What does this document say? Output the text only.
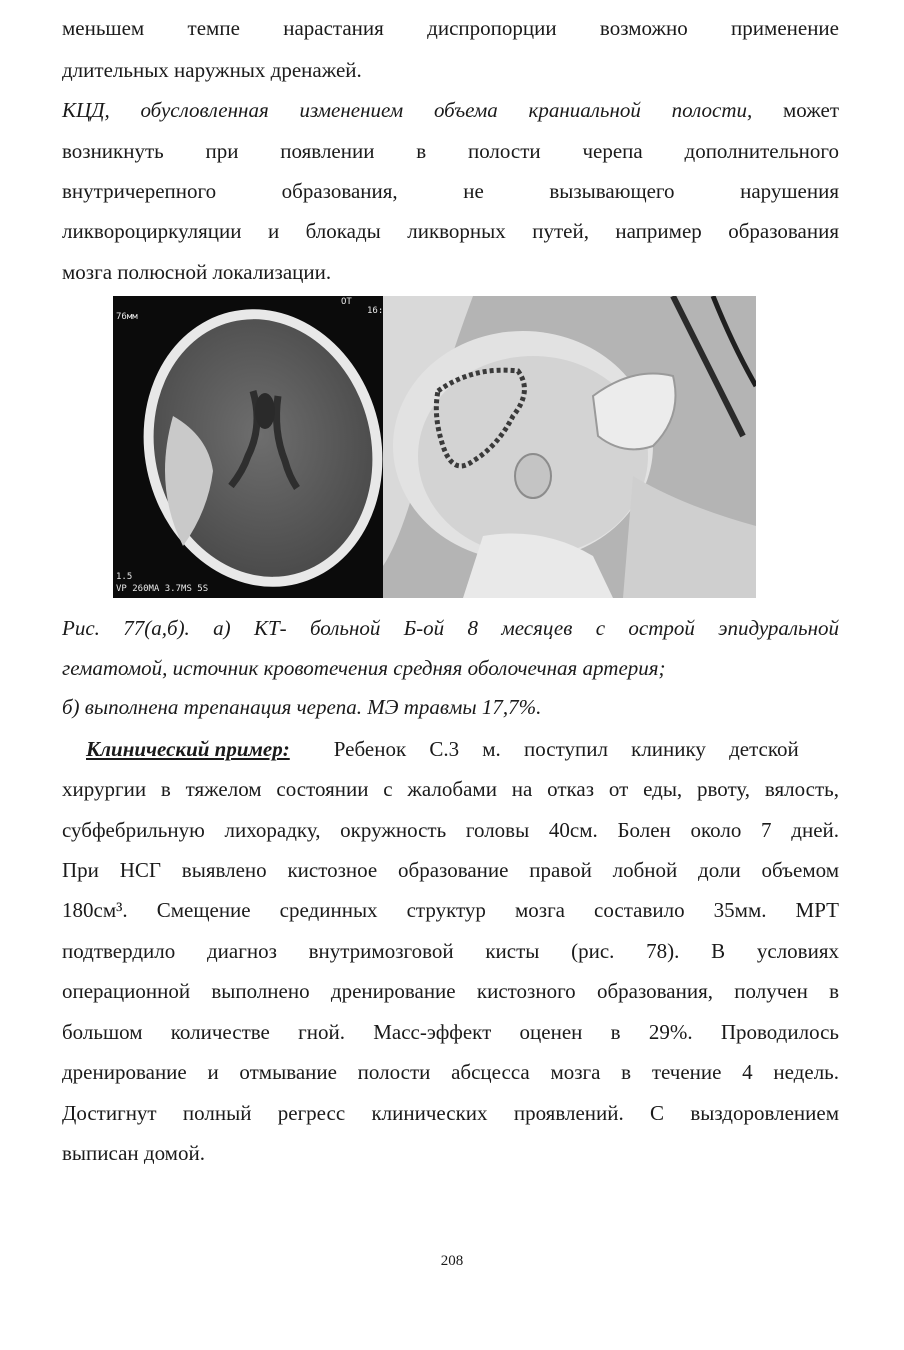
меньшем темпе нарастания диспропорции возможно применение
длительных наружных дренажей.
КЦД, обусловленная изменением объема краниальной полости, может
возникнуть при появлении в полости черепа дополнительного
внутричерепного образования, не вызывающего нарушения
ликвороциркуляции и блокады ликворных путей, например образования
мозга полюсной локализации.
76мм
ОТ
16:
1.5
VP 260MA 3.7MS 5S
Рис. 77(а,б). а) КТ- больной Б-ой 8 месяцев с острой эпидуральной
гематомой, источник кровотечения средняя оболочечная артерия;
б) выполнена трепанация черепа. МЭ травмы 17,7%.
Клинический пример: Ребенок С.3 м. поступил клинику детской
хирургии в тяжелом состоянии с жалобами на отказ от еды, рвоту, вялость,
субфебрильную лихорадку, окружность головы 40см. Болен около 7 дней.
При НСГ выявлено кистозное образование правой лобной доли объемом
180см³. Смещение срединных структур мозга составило 35мм. МРТ
подтвердило диагноз внутримозговой кисты (рис. 78). В условиях
операционной выполнено дренирование кистозного образования, получен в
большом количестве гной. Масс-эффект оценен в 29%. Проводилось
дренирование и отмывание полости абсцесса мозга в течение 4 недель.
Достигнут полный регресс клинических проявлений. С выздоровлением
выписан домой.
208
